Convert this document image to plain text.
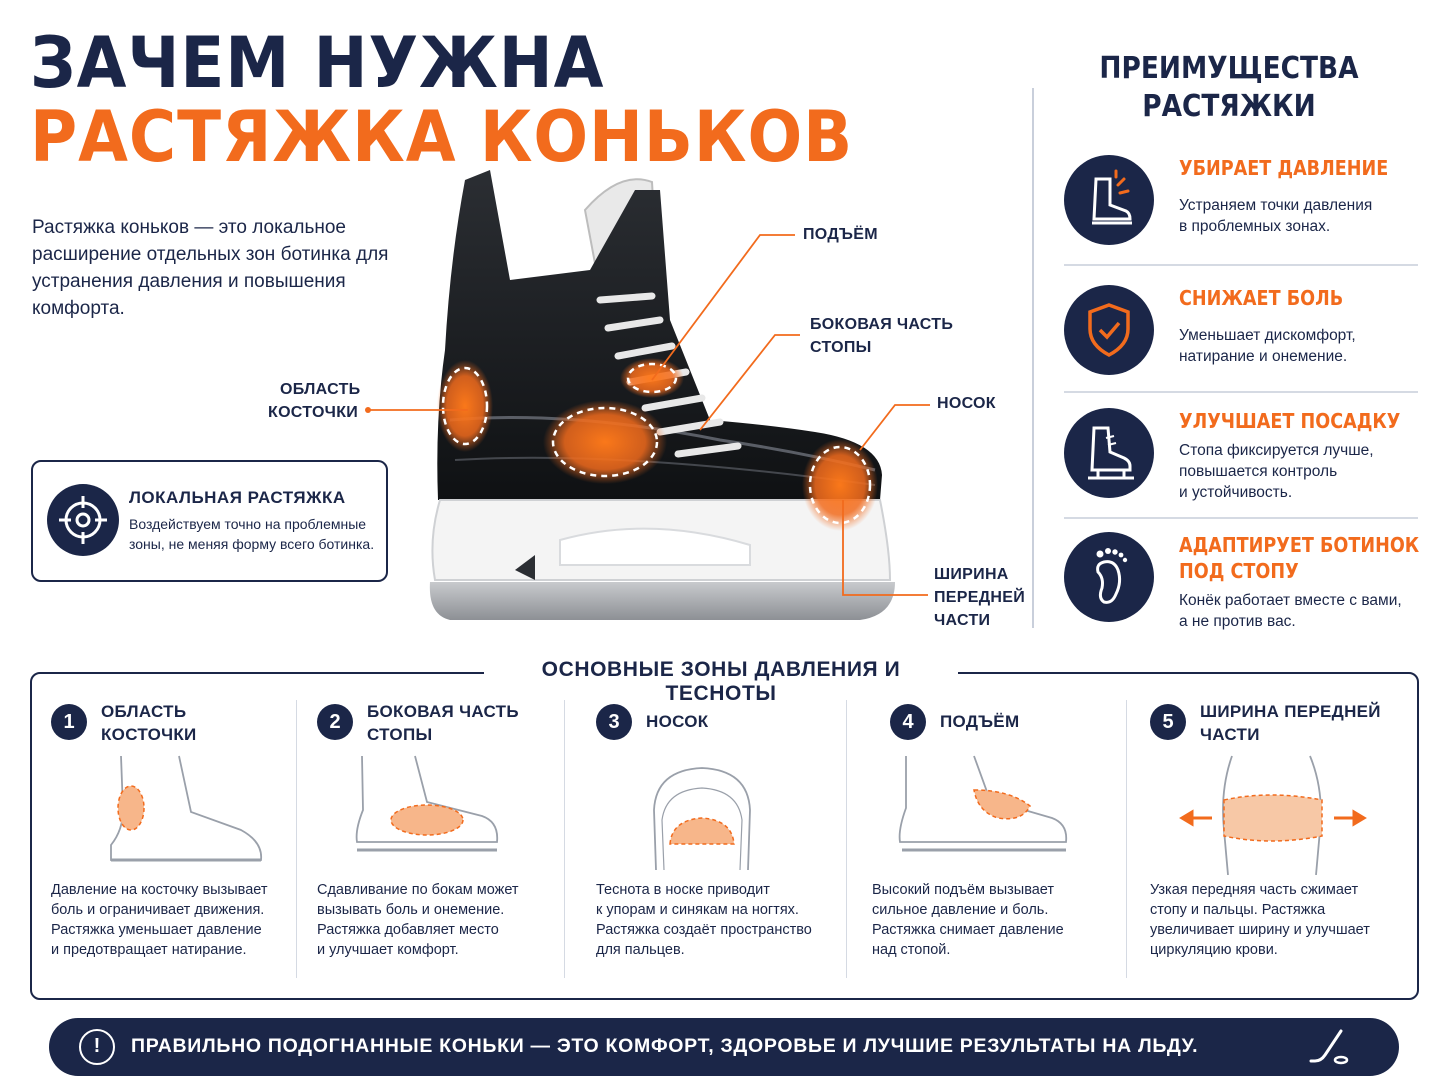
ЗАЧЕМ НУЖНА
РАСТЯЖКА КОНЬКОВ
Растяжка коньков — это локальное расширение отдельных зон ботинка для устранения давления и повышения комфорта.
ЛОКАЛЬНАЯ РАСТЯЖКА
Воздействуем точно на проблемные зоны, не меняя форму всего ботинка.
ПОДЪЁМ
БОКОВАЯ ЧАСТЬ
СТОПЫ
НОСОК
ОБЛАСТЬ
КОСТОЧКИ
ШИРИНА
ПЕРЕДНЕЙ
ЧАСТИ
ПРЕИМУЩЕСТВА
РАСТЯЖКИ
УБИРАЕТ ДАВЛЕНИЕ
Устраняем точки давления
в проблемных зонах.
СНИЖАЕТ БОЛЬ
Уменьшает дискомфорт,
натирание и онемение.
УЛУЧШАЕТ ПОСАДКУ
Стопа фиксируется лучше,
повышается контроль
и устойчивость.
АДАПТИРУЕТ БОТИНОК
ПОД СТОПУ
Конёк работает вместе с вами,
а не против вас.
ОСНОВНЫЕ ЗОНЫ ДАВЛЕНИЯ И ТЕСНОТЫ
1	ОБЛАСТЬ
КОСТОЧКИ
Давление на косточку вызывает
боль и ограничивает движения.
Растяжка уменьшает давление
и предотвращает натирание.
2	БОКОВАЯ ЧАСТЬ
СТОПЫ
Сдавливание по бокам может
вызывать боль и онемение.
Растяжка добавляет место
и улучшает комфорт.
3	НОСОК
Теснота в носке приводит
к упорам и синякам на ногтях.
Растяжка создаёт пространство
для пальцев.
4	ПОДЪЁМ
Высокий подъём вызывает
сильное давление и боль.
Растяжка снимает давление
над стопой.
5	ШИРИНА ПЕРЕДНЕЙ
ЧАСТИ
Узкая передняя часть сжимает
стопу и пальцы. Растяжка
увеличивает ширину и улучшает
циркуляцию крови.
!	ПРАВИЛЬНО ПОДОГНАННЫЕ КОНЬКИ — ЭТО КОМФОРТ, ЗДОРОВЬЕ И ЛУЧШИЕ РЕЗУЛЬТАТЫ НА ЛЬДУ.
